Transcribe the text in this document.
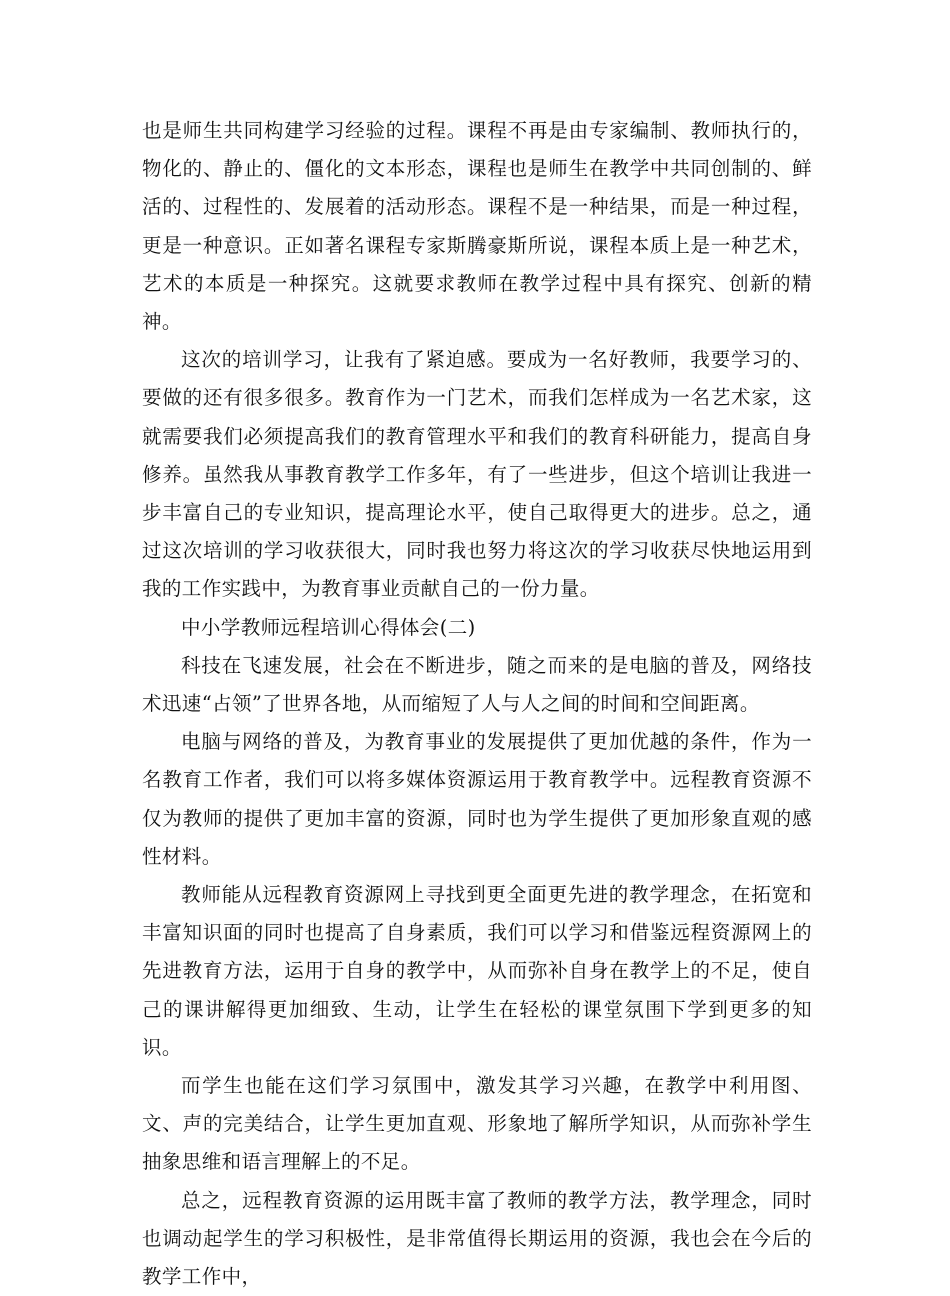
也是师生共同构建学习经验的过程。课程不再是由专家编制、教师执行的，物化的、静止的、僵化的文本形态，课程也是师生在教学中共同创制的、鲜活的、过程性的、发展着的活动形态。课程不是一种结果，而是一种过程，更是一种意识。正如著名课程专家斯腾豪斯所说，课程本质上是一种艺术，艺术的本质是一种探究。这就要求教师在教学过程中具有探究、创新的精神。

这次的培训学习，让我有了紧迫感。要成为一名好教师，我要学习的、要做的还有很多很多。教育作为一门艺术，而我们怎样成为一名艺术家，这就需要我们必须提高我们的教育管理水平和我们的教育科研能力，提高自身修养。虽然我从事教育教学工作多年，有了一些进步，但这个培训让我进一步丰富自己的专业知识，提高理论水平，使自己取得更大的进步。总之，通过这次培训的学习收获很大，同时我也努力将这次的学习收获尽快地运用到我的工作实践中，为教育事业贡献自己的一份力量。

中小学教师远程培训心得体会(二)

科技在飞速发展，社会在不断进步，随之而来的是电脑的普及，网络技术迅速“占领”了世界各地，从而缩短了人与人之间的时间和空间距离。

电脑与网络的普及，为教育事业的发展提供了更加优越的条件，作为一名教育工作者，我们可以将多媒体资源运用于教育教学中。远程教育资源不仅为教师的提供了更加丰富的资源，同时也为学生提供了更加形象直观的感性材料。

教师能从远程教育资源网上寻找到更全面更先进的教学理念，在拓宽和丰富知识面的同时也提高了自身素质，我们可以学习和借鉴远程资源网上的先进教育方法，运用于自身的教学中，从而弥补自身在教学上的不足，使自己的课讲解得更加细致、生动，让学生在轻松的课堂氛围下学到更多的知识。

而学生也能在这们学习氛围中，激发其学习兴趣，在教学中利用图、文、声的完美结合，让学生更加直观、形象地了解所学知识，从而弥补学生抽象思维和语言理解上的不足。

总之，远程教育资源的运用既丰富了教师的教学方法，教学理念，同时也调动起学生的学习积极性，是非常值得长期运用的资源，我也会在今后的教学工作中，
